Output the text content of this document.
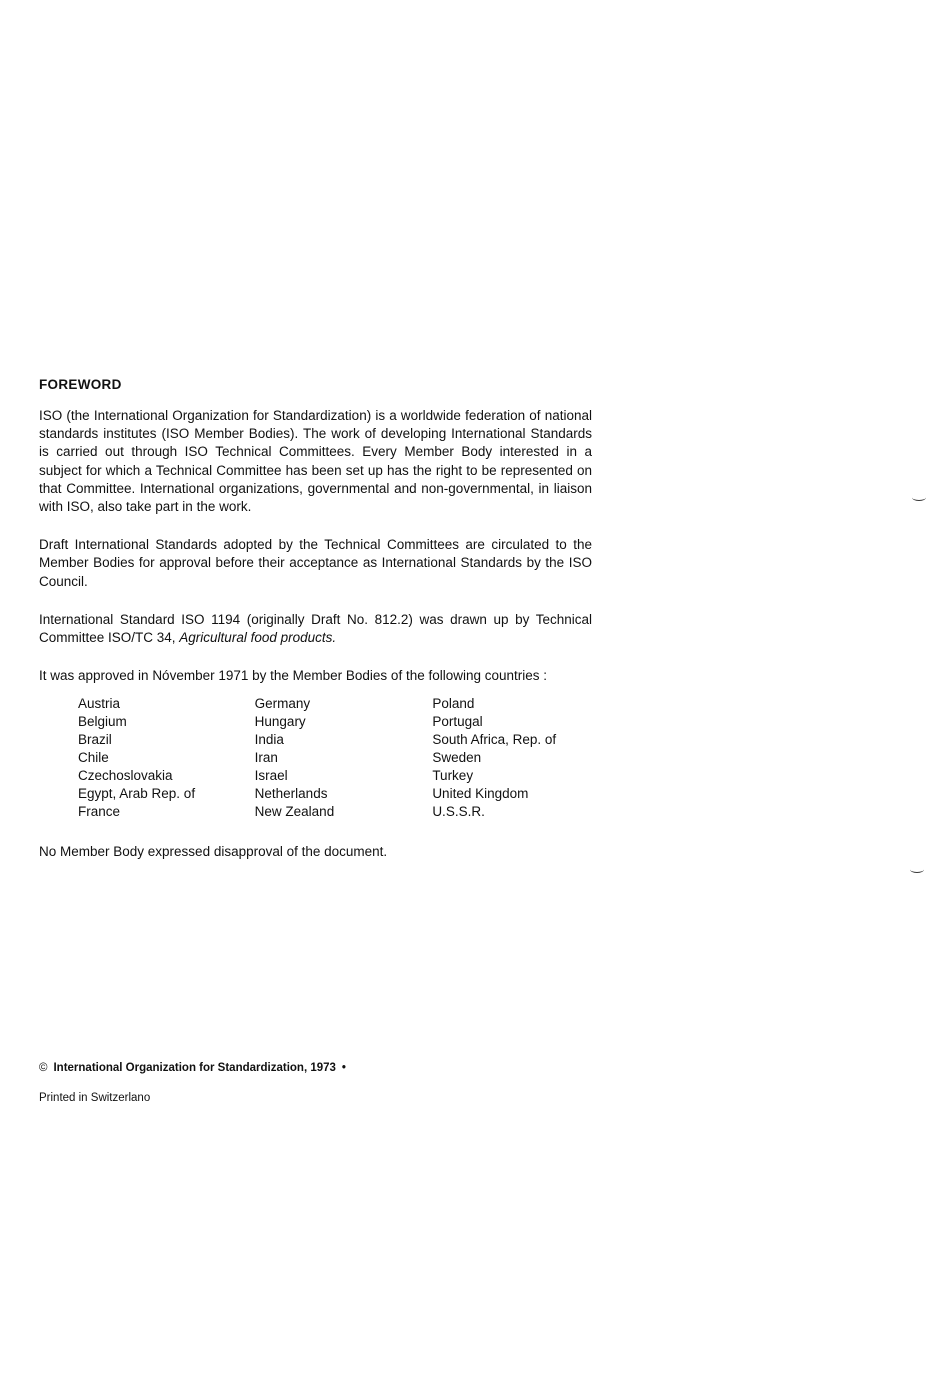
FOREWORD

ISO (the International Organization for Standardization) is a worldwide federation of national standards institutes (ISO Member Bodies). The work of developing International Standards is carried out through ISO Technical Committees. Every Member Body interested in a subject for which a Technical Committee has been set up has the right to be represented on that Committee. International organizations, governmental and non-governmental, in liaison with ISO, also take part in the work.

Draft International Standards adopted by the Technical Committees are circulated to the Member Bodies for approval before their acceptance as International Standards by the ISO Council.

International Standard ISO 1194 (originally Draft No. 812.2) was drawn up by Technical Committee ISO/TC 34, Agricultural food products.

It was approved in Nóvember 1971 by the Member Bodies of the following countries :

Austria
Belgium
Brazil
Chile
Czechoslovakia
Egypt, Arab Rep. of
France
Germany
Hungary
India
Iran
Israel
Netherlands
New Zealand
Poland
Portugal
South Africa, Rep. of
Sweden
Turkey
United Kingdom
U.S.S.R.

No Member Body expressed disapproval of the document.

© International Organization for Standardization, 1973 •
Printed in Switzerlano
